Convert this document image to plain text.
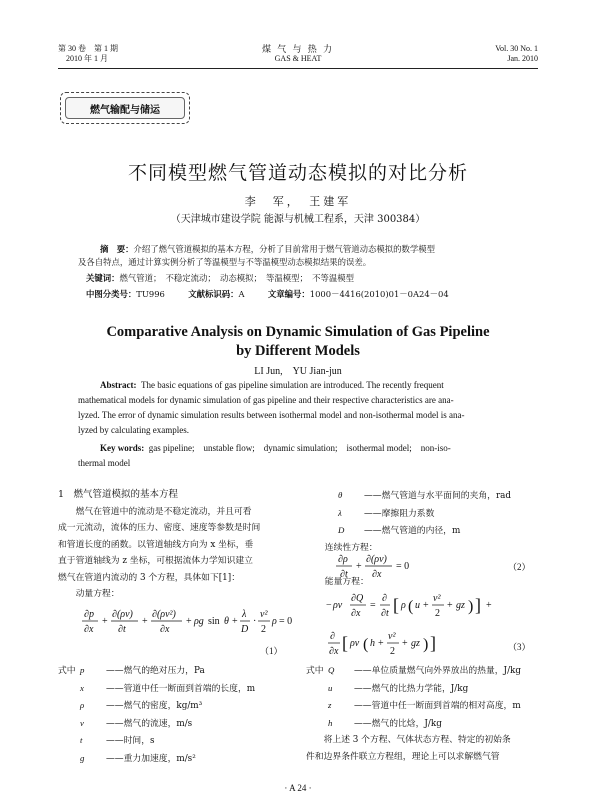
第 30 卷　第 1 期
2010 年 1 月
煤 气 与 热 力
GAS & HEAT
Vol. 30 No. 1
Jan. 2010
燃气输配与储运
不同模型燃气管道动态模拟的对比分析
李　军，　王建军
（天津城市建设学院 能源与机械工程系，天津 300384）
摘　要：介绍了燃气管道模拟的基本方程，分析了目前常用于燃气管道动态模拟的数学模型
及各自特点，通过计算实例分析了等温模型与不等温模型动态模拟结果的误差。
关键词：燃气管道；　不稳定流动；　动态模拟；　等温模型；　不等温模型
中图分类号：TU996	文献标识码：A	文章编号：1000－4416(2010)01－0A24－04
Comparative Analysis on Dynamic Simulation of Gas Pipeline
by Different Models
LI Jun,　YU Jian-jun
Abstract: The basic equations of gas pipeline simulation are introduced. The recently frequent
mathematical models for dynamic simulation of gas pipeline and their respective characteristics are ana-
lyzed. The error of dynamic simulation results between isothermal model and non-isothermal model is ana-
lyzed by calculating examples.
Key words: gas pipeline;　unstable flow;　dynamic simulation;　isothermal model;　non-iso-
thermal model
1　燃气管道模拟的基本方程
燃气在管道中的流动是不稳定流动，并且可看
成一元流动，流体的压力、密度、速度等参数是时间
和管道长度的函数。以管道轴线方向为 x 坐标，垂
直于管道轴线为 z 坐标，可根据流体力学知识建立
燃气在管道内流动的 3 个方程，具体如下[1]：
动量方程：
∂p
∂x
+
∂(ρv)
∂t
+
∂(ρv²)
∂x
+ ρg sin θ +
λ
D
·
v²
2
ρ = 0
（1）
式中 p ——燃气的绝对压力，Pa
x	——管道中任一断面到首端的长度，m
ρ ——燃气的密度，kg/m³
v	——燃气的流速，m/s
t	——时间，s
g ——重力加速度，m/s²
θ ——燃气管道与水平面间的夹角，rad
λ	——摩擦阻力系数
D ——燃气管道的内径，m
连续性方程：
∂ρ
∂t
+
∂(ρv)
∂x
= 0	（2）
能量方程：
− ρv
∂Q
∂x
=
∂
∂t [ ρ ( u +
v²
2
+ gz ) ] +
∂
∂x [ ρv ( h +
v²
2
+ gz ) ]	（3）
式中 Q ——单位质量燃气向外界放出的热量，J/kg
u ——燃气的比热力学能，J/kg
z	——管道中任一断面到首端的相对高度，m
h ——燃气的比焓，J/kg
将上述 3 个方程、气体状态方程、特定的初始条
件和边界条件联立方程组，理论上可以求解燃气管
· A 24 ·
